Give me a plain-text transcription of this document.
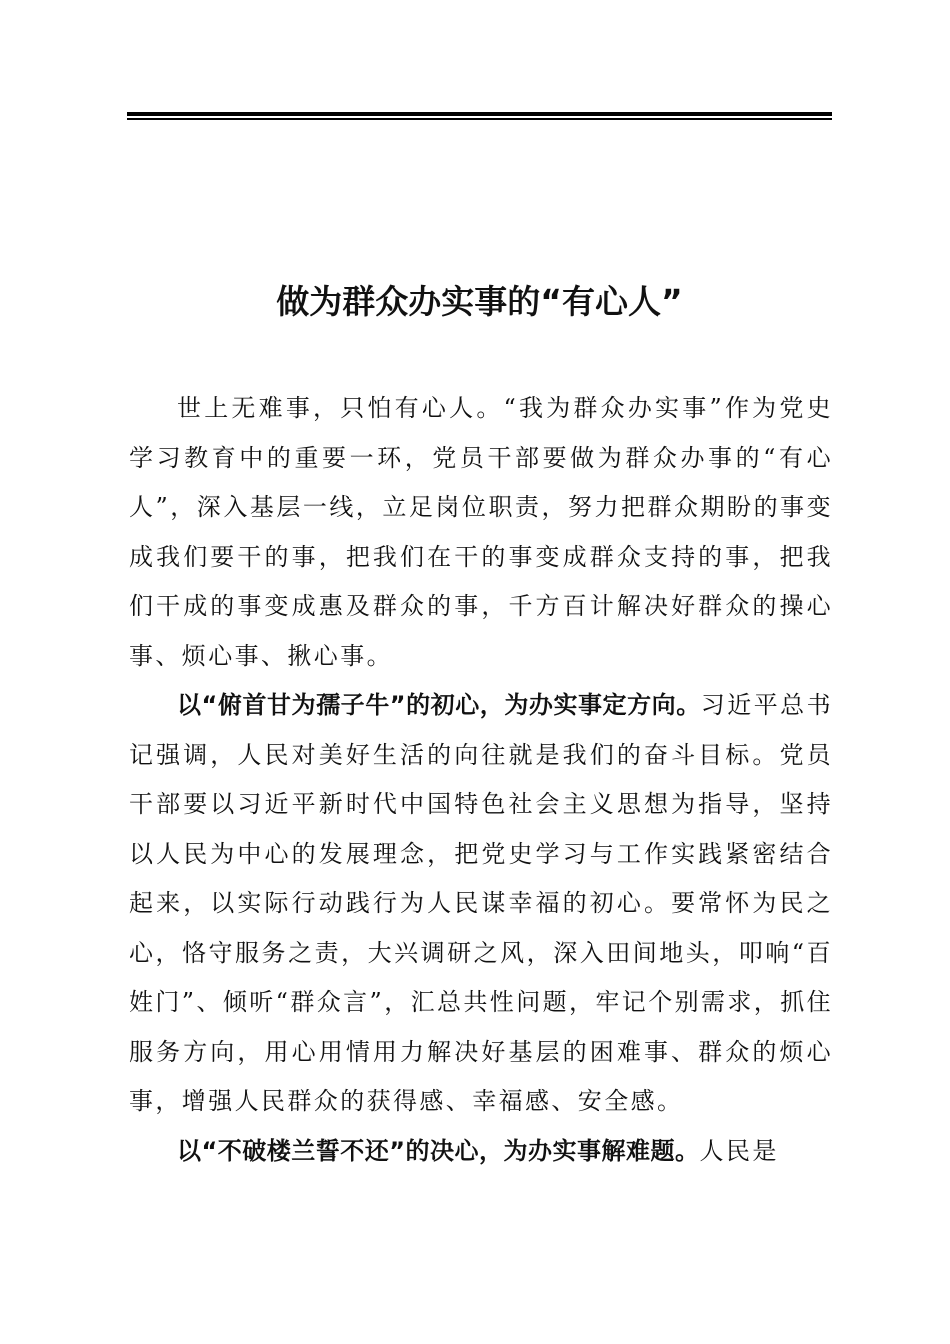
做为群众办实事的“有心人”

世上无难事，只怕有心人。“我为群众办实事”作为党史学习教育中的重要一环，党员干部要做为群众办事的“有心人”，深入基层一线，立足岗位职责，努力把群众期盼的事变成我们要干的事，把我们在干的事变成群众支持的事，把我们干成的事变成惠及群众的事，千方百计解决好群众的操心事、烦心事、揪心事。

以“俯首甘为孺子牛”的初心，为办实事定方向。习近平总书记强调，人民对美好生活的向往就是我们的奋斗目标。党员干部要以习近平新时代中国特色社会主义思想为指导，坚持以人民为中心的发展理念，把党史学习与工作实践紧密结合起来，以实际行动践行为人民谋幸福的初心。要常怀为民之心，恪守服务之责，大兴调研之风，深入田间地头，叩响“百姓门”、倾听“群众言”，汇总共性问题，牢记个别需求，抓住服务方向，用心用情用力解决好基层的困难事、群众的烦心事，增强人民群众的获得感、幸福感、安全感。

以“不破楼兰誓不还”的决心，为办实事解难题。人民是
